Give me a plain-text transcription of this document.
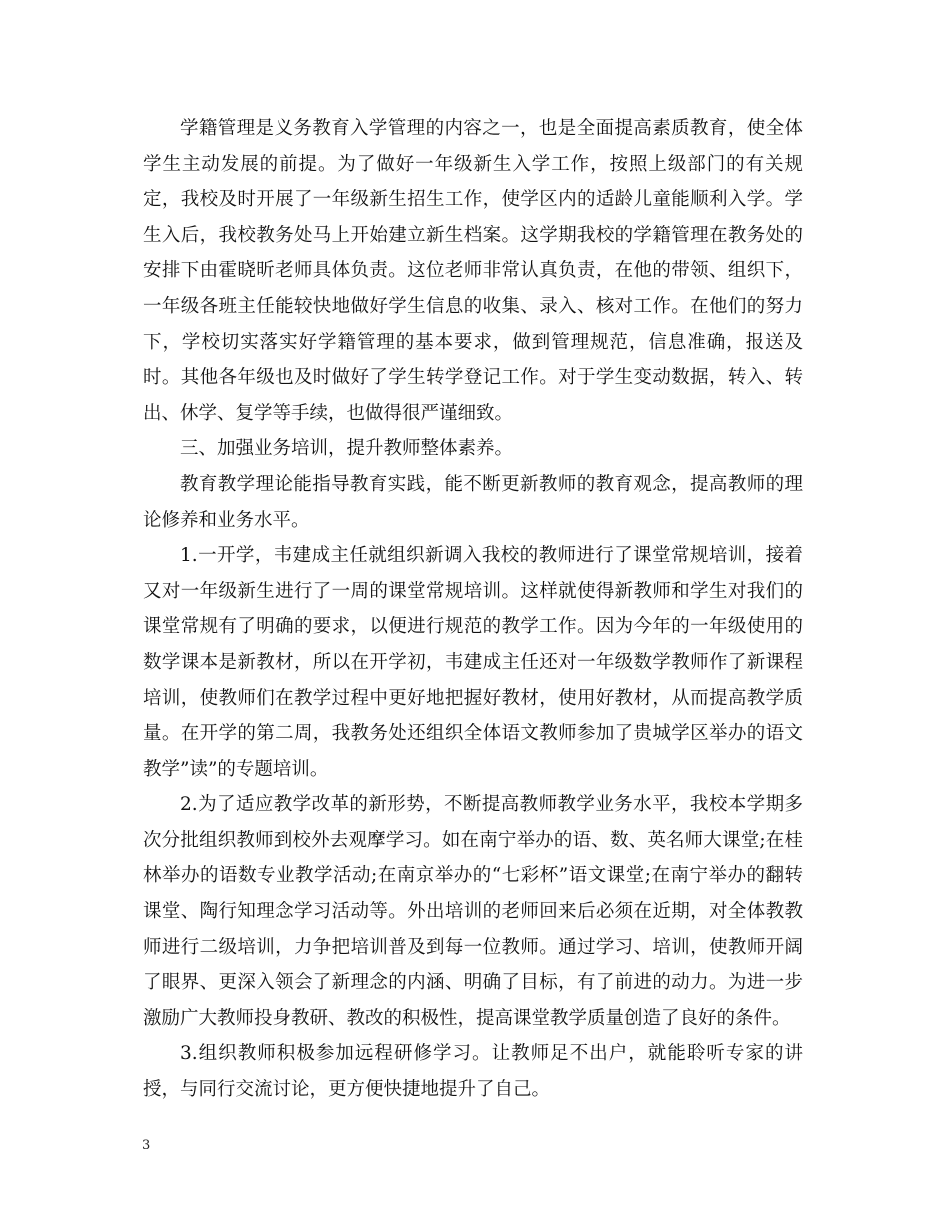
学籍管理是义务教育入学管理的内容之一，也是全面提高素质教育，使全体学生主动发展的前提。为了做好一年级新生入学工作，按照上级部门的有关规定，我校及时开展了一年级新生招生工作，使学区内的适龄儿童能顺利入学。学生入后，我校教务处马上开始建立新生档案。这学期我校的学籍管理在教务处的安排下由霍晓昕老师具体负责。这位老师非常认真负责，在他的带领、组织下，一年级各班主任能较快地做好学生信息的收集、录入、核对工作。在他们的努力下，学校切实落实好学籍管理的基本要求，做到管理规范，信息准确，报送及时。其他各年级也及时做好了学生转学登记工作。对于学生变动数据，转入、转出、休学、复学等手续，也做得很严谨细致。

三、加强业务培训，提升教师整体素养。

教育教学理论能指导教育实践，能不断更新教师的教育观念，提高教师的理论修养和业务水平。

1.一开学，韦建成主任就组织新调入我校的教师进行了课堂常规培训，接着又对一年级新生进行了一周的课堂常规培训。这样就使得新教师和学生对我们的课堂常规有了明确的要求，以便进行规范的教学工作。因为今年的一年级使用的数学课本是新教材，所以在开学初，韦建成主任还对一年级数学教师作了新课程培训，使教师们在教学过程中更好地把握好教材，使用好教材，从而提高教学质量。在开学的第二周，我教务处还组织全体语文教师参加了贵城学区举办的语文教学”读”的专题培训。

2.为了适应教学改革的新形势，不断提高教师教学业务水平，我校本学期多次分批组织教师到校外去观摩学习。如在南宁举办的语、数、英名师大课堂;在桂林举办的语数专业教学活动;在南京举办的“七彩杯”语文课堂;在南宁举办的翻转课堂、陶行知理念学习活动等。外出培训的老师回来后必须在近期，对全体教教师进行二级培训，力争把培训普及到每一位教师。通过学习、培训，使教师开阔了眼界、更深入领会了新理念的内涵、明确了目标，有了前进的动力。为进一步激励广大教师投身教研、教改的积极性，提高课堂教学质量创造了良好的条件。

3.组织教师积极参加远程研修学习。让教师足不出户，就能聆听专家的讲授，与同行交流讨论，更方便快捷地提升了自己。

3
